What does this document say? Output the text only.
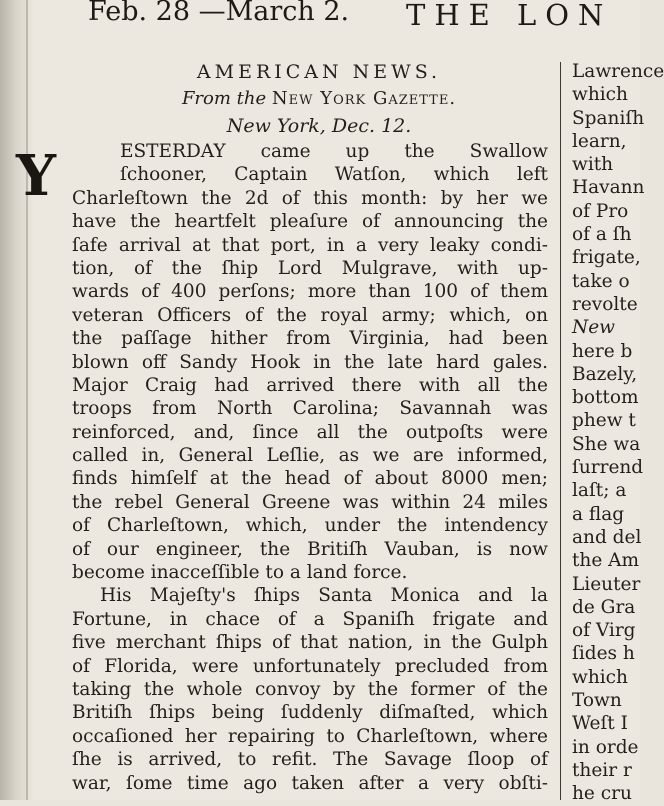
Feb. 28 —March 2. THE LON
AMERICAN NEWS.
From the New York Gazette.
New York, Dec. 12.
ESTERDAY came up the Swallow
ſchooner, Captain Watſon, which left
Charleſtown the 2d of this month: by her we
have the heartfelt pleaſure of announcing the
ſafe arrival at that port, in a very leaky condi-
tion, of the ſhip Lord Mulgrave, with up-
wards of 400 perſons; more than 100 of them
veteran Officers of the royal army; which, on
the paſſage hither from Virginia, had been
blown off Sandy Hook in the late hard gales.
Major Craig had arrived there with all the
troops from North Carolina; Savannah was
reinforced, and, ſince all the outpoſts were
called in, General Leſlie, as we are informed,
finds himſelf at the head of about 8000 men;
the rebel General Greene was within 24 miles
of Charleſtown, which, under the intendency
of our engineer, the Britiſh Vauban, is now
become inacceſſible to a land force.
His Majeſty's ſhips Santa Monica and la
Fortune, in chace of a Spaniſh frigate and
five merchant ſhips of that nation, in the Gulph
of Florida, were unfortunately precluded from
taking the whole convoy by the former of the
Britiſh ſhips being ſuddenly diſmaſted, which
occaſioned her repairing to Charleſtown, where
ſhe is arrived, to refit. The Savage ſloop of
war, ſome time ago taken after a very obſti-
Y
Lawrence
which
Spaniſh
learn,
with
Havann
of Pro
of a ſh
frigate,
take o
revolte
New
here b
Bazely,
bottom
phew t
She wa
ſurrend
laſt; a
a flag
and del
the Am
Lieuter
de Gra
of Virg
ſides h
which
Town
Weſt I
in orde
their r
he cru
